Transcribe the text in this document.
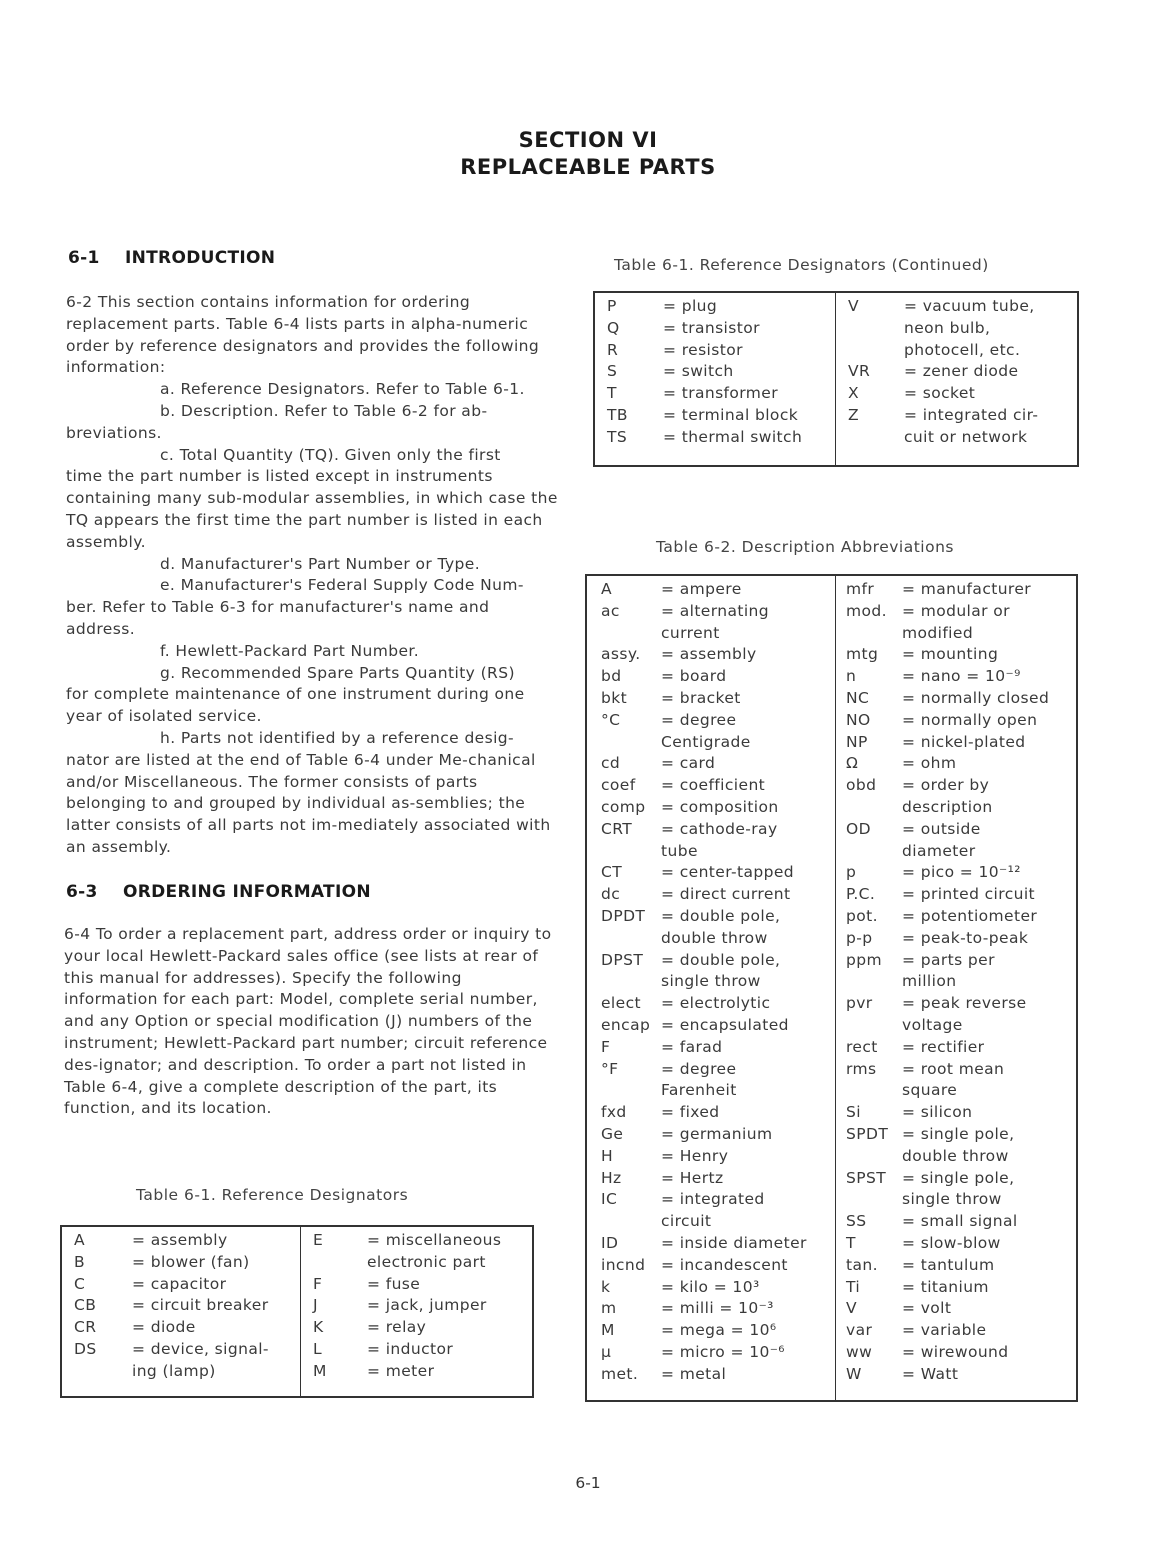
SECTION VI
REPLACEABLE PARTS
6-1 INTRODUCTION

6-2 This section contains information for ordering replacement parts. Table 6-4 lists parts in alpha-numeric order by reference designators and provides the following information:

a. Reference Designators. Refer to Table 6-1.

b. Description. Refer to Table 6-2 for ab-

breviations.

c. Total Quantity (TQ). Given only the first

time the part number is listed except in instruments containing many sub-modular assemblies, in which case the TQ appears the first time the part number is listed in each assembly.

d. Manufacturer's Part Number or Type.

e. Manufacturer's Federal Supply Code Num-

ber. Refer to Table 6-3 for manufacturer's name and address.

f. Hewlett-Packard Part Number.

g. Recommended Spare Parts Quantity (RS)

for complete maintenance of one instrument during one year of isolated service.

h. Parts not identified by a reference desig-

nator are listed at the end of Table 6-4 under Me-chanical and/or Miscellaneous. The former consists of parts belonging to and grouped by individual as-semblies; the latter consists of all parts not im-mediately associated with an assembly.

6-3 ORDERING INFORMATION

6-4 To order a replacement part, address order or inquiry to your local Hewlett-Packard sales office (see lists at rear of this manual for addresses). Specify the following information for each part: Model, complete serial number, and any Option or special modification (J) numbers of the instrument; Hewlett-Packard part number; circuit reference des-ignator; and description. To order a part not listed in Table 6-4, give a complete description of the part, its function, and its location.

Table 6-1. Reference Designators
A	= assembly
B	= blower (fan)
C	= capacitor
CB	= circuit breaker
CR	= diode
DS	= device, signal-
ing (lamp)
E	= miscellaneous
electronic part
F	= fuse
J	= jack, jumper
K	= relay
L	= inductor
M	= meter
Table 6-1. Reference Designators (Continued)
P	= plug
Q	= transistor
R	= resistor
S	= switch
T	= transformer
TB	= terminal block
TS	= thermal switch
V	= vacuum tube,
neon bulb,
photocell, etc.
VR	= zener diode
X	= socket
Z	= integrated cir-
cuit or network
Table 6-2. Description Abbreviations
A	= ampere
ac	= alternating
current
assy.	= assembly
bd	= board
bkt	= bracket
°C	= degree
Centigrade
cd	= card
coef	= coefficient
comp = composition
CRT	= cathode-ray
tube
CT	= center-tapped
dc	= direct current
DPDT	= double pole,
double throw
DPST	= double pole,
single throw
elect	= electrolytic
encap = encapsulated
F	= farad
°F	= degree
Farenheit
fxd	= fixed
Ge	= germanium
H	= Henry
Hz	= Hertz
IC	= integrated
circuit
ID	= inside diameter
incnd	= incandescent
k	= kilo = 10³
m	= milli = 10⁻³
M	= mega = 10⁶
μ	= micro = 10⁻⁶
met.	= metal
mfr	= manufacturer
mod. = modular or
modified
mtg	= mounting
n	= nano = 10⁻⁹
NC	= normally closed
NO	= normally open
NP	= nickel-plated
Ω	= ohm
obd	= order by
description
OD	= outside
diameter
p	= pico = 10⁻¹²
P.C.	= printed circuit
pot.	= potentiometer
p-p	= peak-to-peak
ppm	= parts per
million
pvr	= peak reverse
voltage
rect	= rectifier
rms	= root mean
square
Si	= silicon
SPDT = single pole,
double throw
SPST	= single pole,
single throw
SS	= small signal
T	= slow-blow
tan.	= tantulum
Ti	= titanium
V	= volt
var	= variable
ww	= wirewound
W	= Watt
6-1
